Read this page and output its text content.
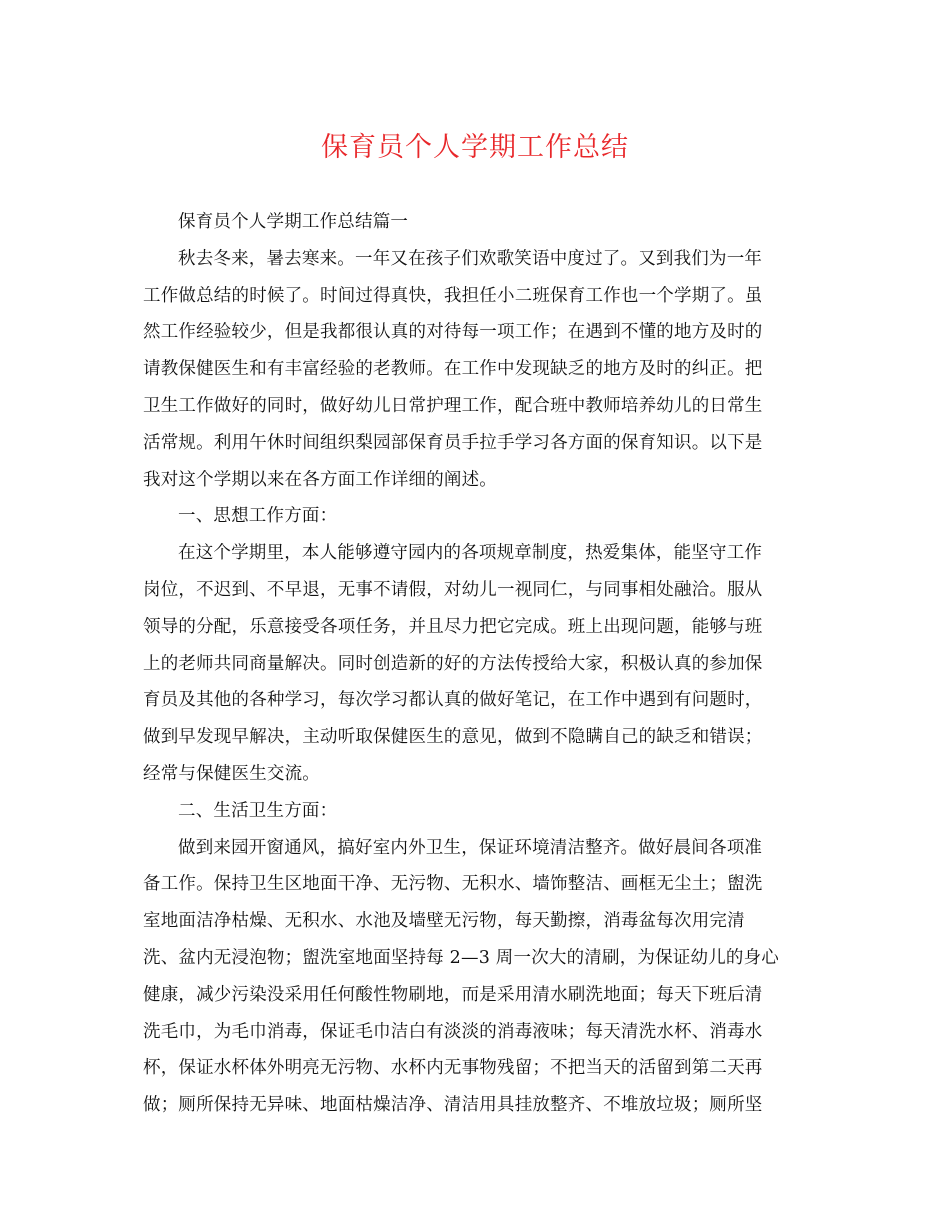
保育员个人学期工作总结
保育员个人学期工作总结篇一
秋去冬来，暑去寒来。一年又在孩子们欢歌笑语中度过了。又到我们为一年
工作做总结的时候了。时间过得真快，我担任小二班保育工作也一个学期了。虽
然工作经验较少，但是我都很认真的对待每一项工作；在遇到不懂的地方及时的
请教保健医生和有丰富经验的老教师。在工作中发现缺乏的地方及时的纠正。把
卫生工作做好的同时，做好幼儿日常护理工作，配合班中教师培养幼儿的日常生
活常规。利用午休时间组织梨园部保育员手拉手学习各方面的保育知识。以下是
我对这个学期以来在各方面工作详细的阐述。
一、思想工作方面：
在这个学期里，本人能够遵守园内的各项规章制度，热爱集体，能坚守工作
岗位，不迟到、不早退，无事不请假，对幼儿一视同仁，与同事相处融洽。服从
领导的分配，乐意接受各项任务，并且尽力把它完成。班上出现问题，能够与班
上的老师共同商量解决。同时创造新的好的方法传授给大家，积极认真的参加保
育员及其他的各种学习，每次学习都认真的做好笔记，在工作中遇到有问题时，
做到早发现早解决，主动听取保健医生的意见，做到不隐瞒自己的缺乏和错误；
经常与保健医生交流。
二、生活卫生方面：
做到来园开窗通风，搞好室内外卫生，保证环境清洁整齐。做好晨间各项准
备工作。保持卫生区地面干净、无污物、无积水、墙饰整洁、画框无尘土；盥洗
室地面洁净枯燥、无积水、水池及墙壁无污物，每天勤擦，消毒盆每次用完清
洗、盆内无浸泡物；盥洗室地面坚持每 2—3 周一次大的清刷，为保证幼儿的身心
健康，减少污染没采用任何酸性物刷地，而是采用清水刷洗地面；每天下班后清
洗毛巾，为毛巾消毒，保证毛巾洁白有淡淡的消毒液味；每天清洗水杯、消毒水
杯，保证水杯体外明亮无污物、水杯内无事物残留；不把当天的活留到第二天再
做；厕所保持无异味、地面枯燥洁净、清洁用具挂放整齐、不堆放垃圾；厕所坚
